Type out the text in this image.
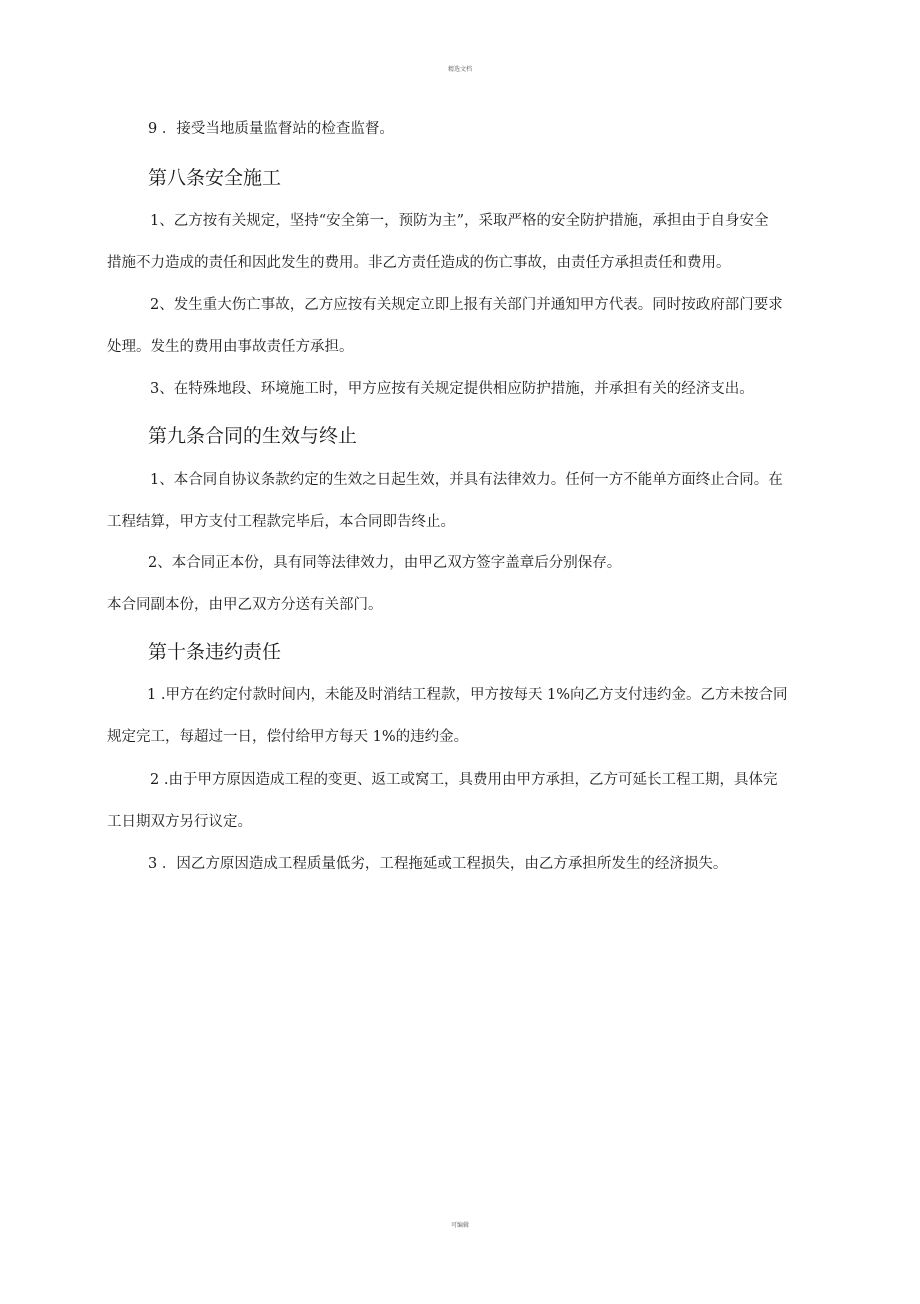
精选文档
9 ．接受当地质量监督站的检查监督。
第八条安全施工
1、乙方按有关规定，坚持“安全第一，预防为主”，采取严格的安全防护措施，承担由于自身安全
措施不力造成的责任和因此发生的费用。非乙方责任造成的伤亡事故，由责任方承担责任和费用。
2、发生重大伤亡事故，乙方应按有关规定立即上报有关部门并通知甲方代表。同时按政府部门要求
处理。发生的费用由事故责任方承担。
3、在特殊地段、环境施工时，甲方应按有关规定提供相应防护措施，并承担有关的经济支出。
第九条合同的生效与终止
1、本合同自协议条款约定的生效之日起生效，并具有法律效力。任何一方不能单方面终止合同。在
工程结算，甲方支付工程款完毕后，本合同即告终止。
2、本合同正本份，具有同等法律效力，由甲乙双方签字盖章后分别保存。
本合同副本份，由甲乙双方分送有关部门。
第十条违约责任
1 .甲方在约定付款时间内，未能及时消结工程款，甲方按每天 1%向乙方支付违约金。乙方未按合同
规定完工，每超过一日，偿付给甲方每天 1%的违约金。
2 .由于甲方原因造成工程的变更、返工或窝工，具费用由甲方承担，乙方可延长工程工期，具体完
工日期双方另行议定。
3 ．因乙方原因造成工程质量低劣，工程拖延或工程损失，由乙方承担所发生的经济损失。
可编辑
